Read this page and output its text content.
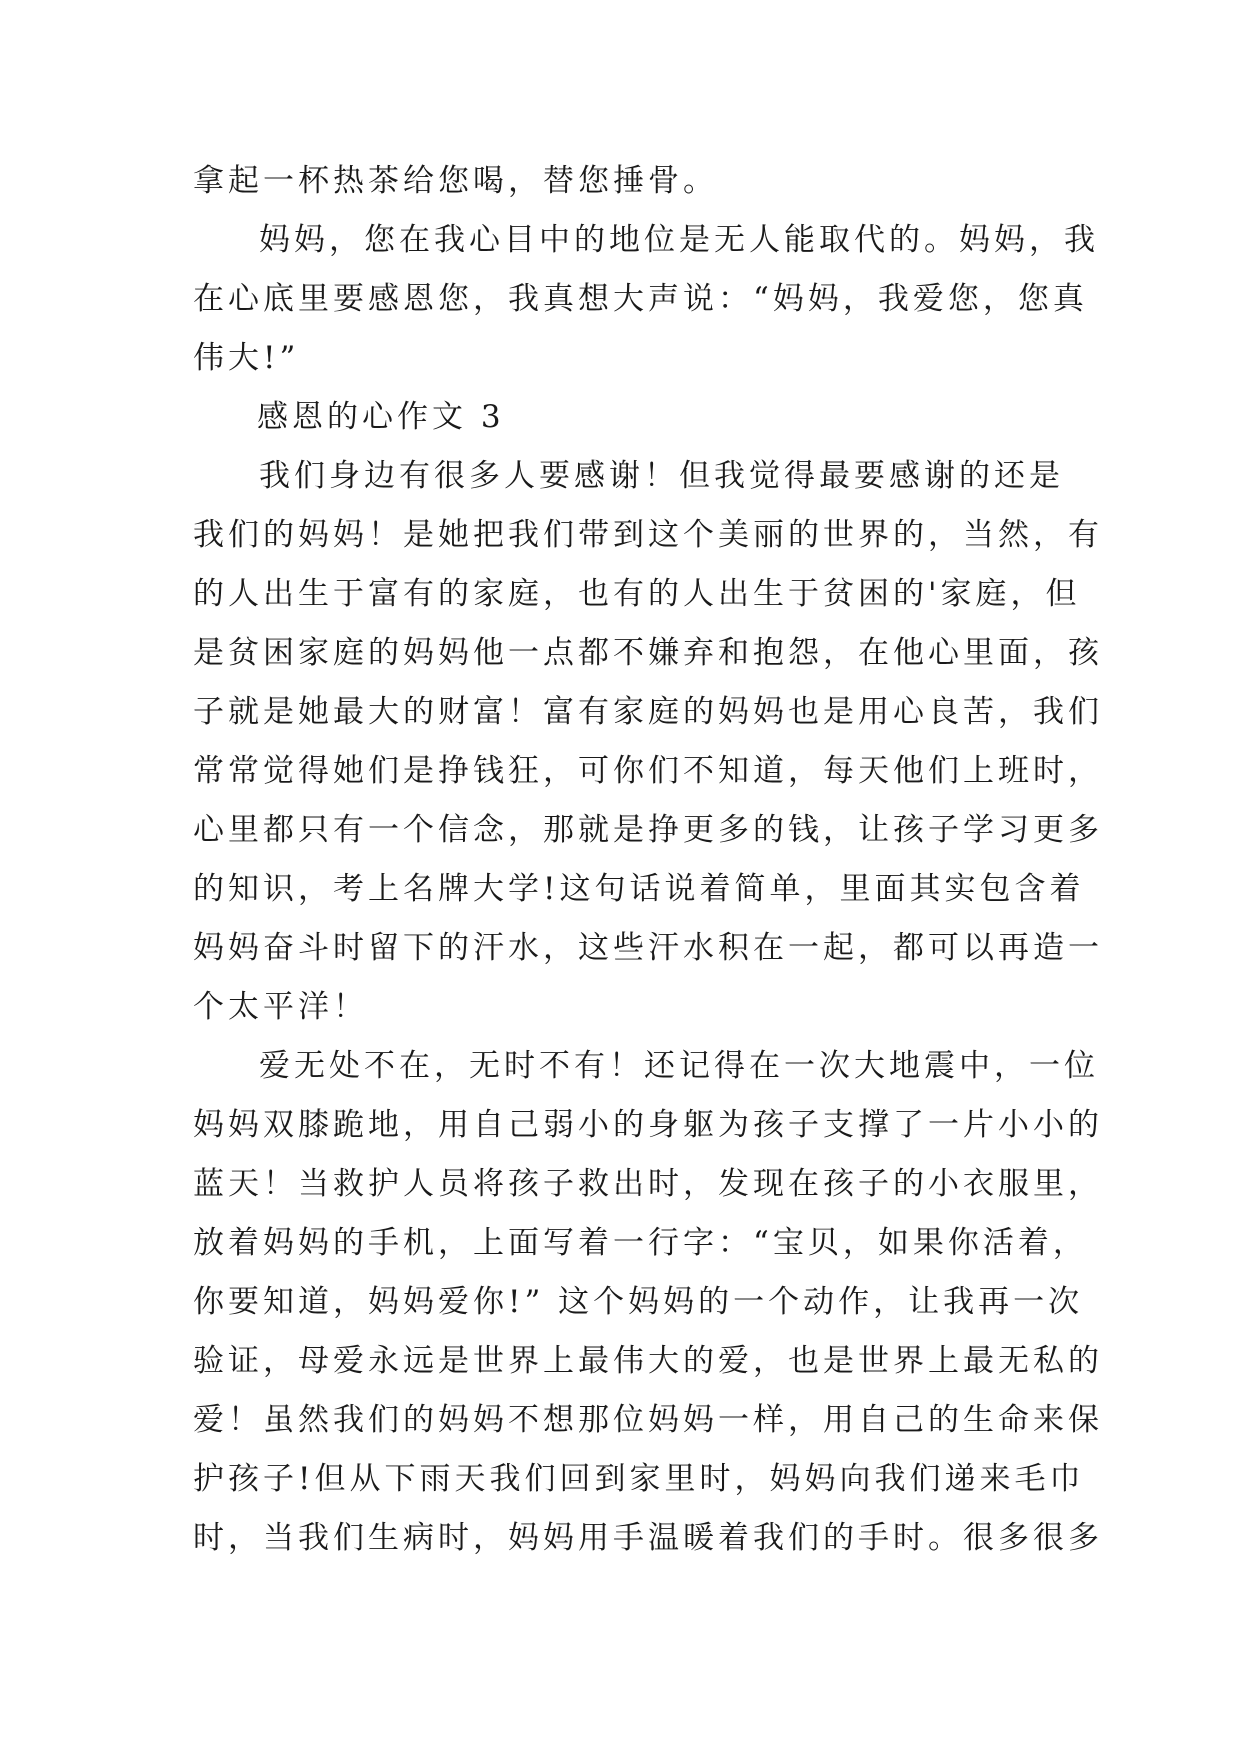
拿起一杯热茶给您喝，替您捶骨。
妈妈，您在我心目中的地位是无人能取代的。妈妈，我
在心底里要感恩您，我真想大声说：“妈妈，我爱您，您真
伟大!”
感恩的心作文 3
我们身边有很多人要感谢！但我觉得最要感谢的还是
我们的妈妈！是她把我们带到这个美丽的世界的，当然，有
的人出生于富有的家庭，也有的人出生于贫困的'家庭，但
是贫困家庭的妈妈他一点都不嫌弃和抱怨，在他心里面，孩
子就是她最大的财富！富有家庭的妈妈也是用心良苦，我们
常常觉得她们是挣钱狂，可你们不知道，每天他们上班时，
心里都只有一个信念，那就是挣更多的钱，让孩子学习更多
的知识，考上名牌大学!这句话说着简单，里面其实包含着
妈妈奋斗时留下的汗水，这些汗水积在一起，都可以再造一
个太平洋！
爱无处不在，无时不有！还记得在一次大地震中，一位
妈妈双膝跪地，用自己弱小的身躯为孩子支撑了一片小小的
蓝天！当救护人员将孩子救出时，发现在孩子的小衣服里，
放着妈妈的手机，上面写着一行字：“宝贝，如果你活着，
你要知道，妈妈爱你!” 这个妈妈的一个动作，让我再一次
验证，母爱永远是世界上最伟大的爱，也是世界上最无私的
爱！虽然我们的妈妈不想那位妈妈一样，用自己的生命来保
护孩子!但从下雨天我们回到家里时，妈妈向我们递来毛巾
时，当我们生病时，妈妈用手温暖着我们的手时。很多很多
